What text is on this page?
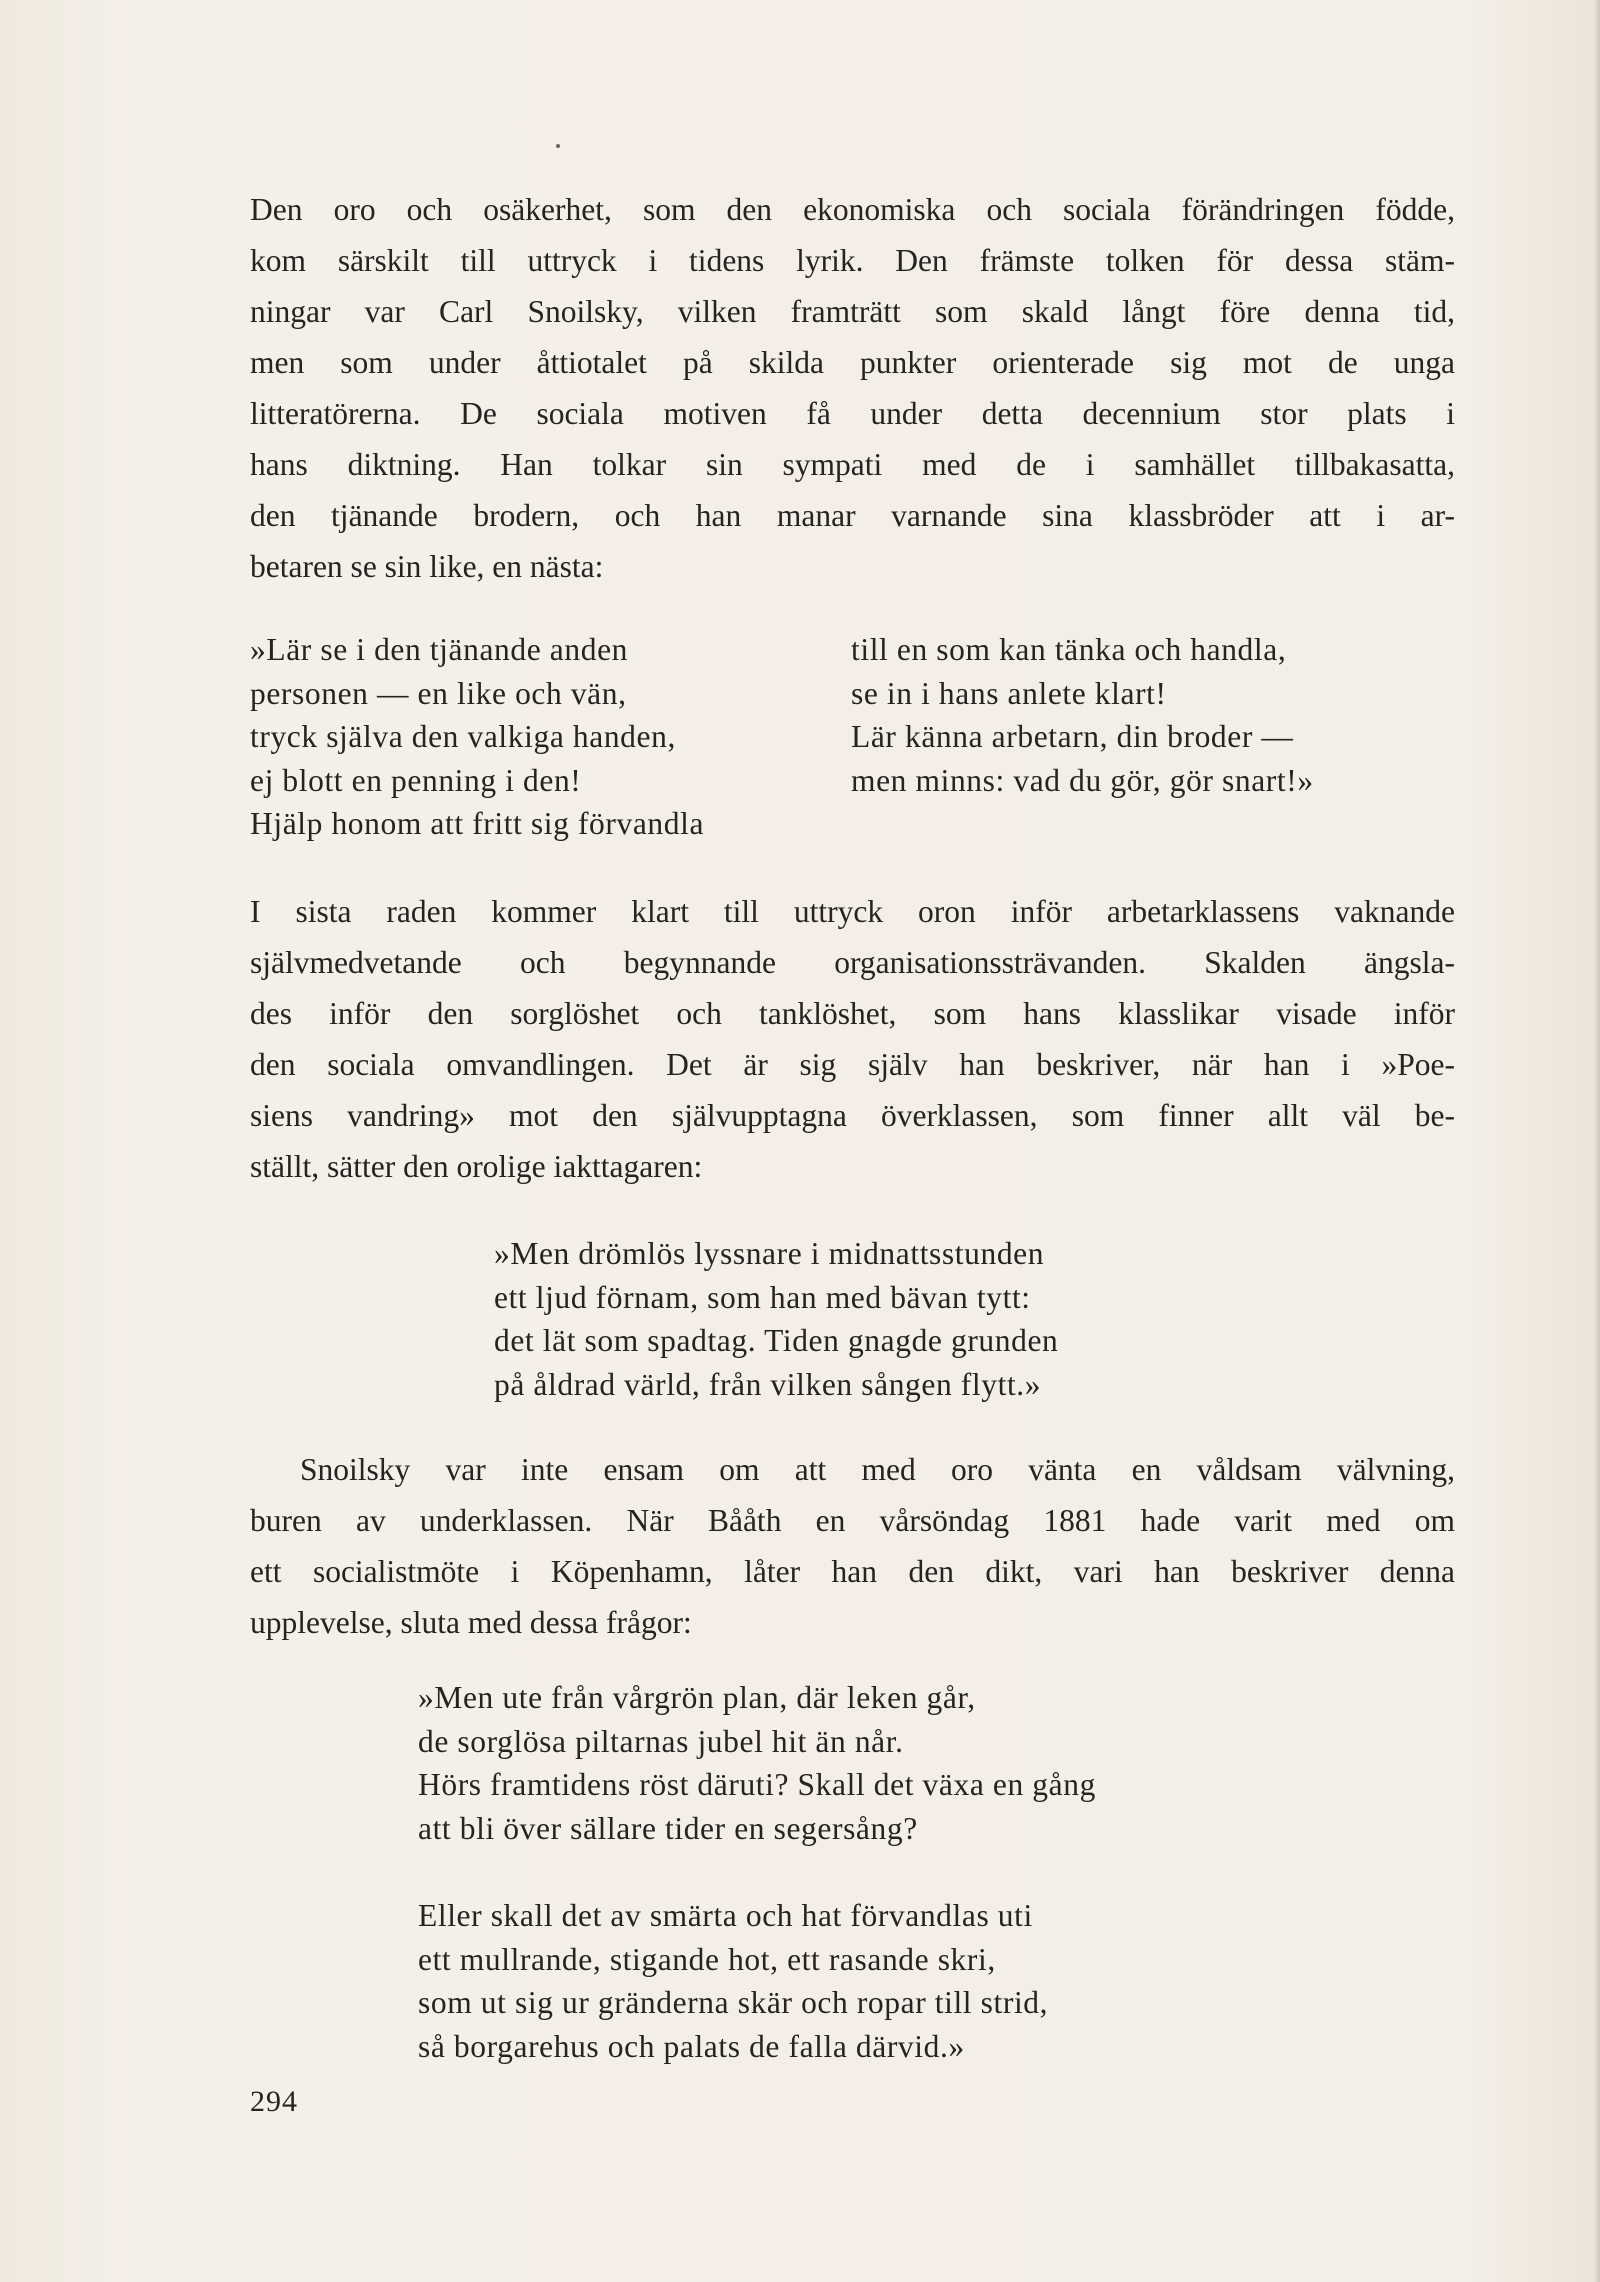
Den oro och osäkerhet, som den ekonomiska och sociala förändringen födde,
kom särskilt till uttryck i tidens lyrik. Den främste tolken för dessa stäm-
ningar var Carl Snoilsky, vilken framträtt som skald långt före denna tid,
men som under åttiotalet på skilda punkter orienterade sig mot de unga
litteratörerna. De sociala motiven få under detta decennium stor plats i
hans diktning. Han tolkar sin sympati med de i samhället tillbakasatta,
den tjänande brodern, och han manar varnande sina klassbröder att i ar-
betaren se sin like, en nästa:
»Lär se i den tjänande anden
personen — en like och vän,
tryck själva den valkiga handen,
ej blott en penning i den!
Hjälp honom att fritt sig förvandla
till en som kan tänka och handla,
se in i hans anlete klart!
Lär känna arbetarn, din broder —
men minns: vad du gör, gör snart!»
I sista raden kommer klart till uttryck oron inför arbetarklassens vaknande
självmedvetande och begynnande organisationssträvanden. Skalden ängsla-
des inför den sorglöshet och tanklöshet, som hans klasslikar visade inför
den sociala omvandlingen. Det är sig själv han beskriver, när han i »Poe-
siens vandring» mot den självupptagna överklassen, som finner allt väl be-
ställt, sätter den orolige iakttagaren:
»Men drömlös lyssnare i midnattsstunden
ett ljud förnam, som han med bävan tytt:
det lät som spadtag. Tiden gnagde grunden
på åldrad värld, från vilken sången flytt.»
Snoilsky var inte ensam om att med oro vänta en våldsam välvning,
buren av underklassen. När Bååth en vårsöndag 1881 hade varit med om
ett socialistmöte i Köpenhamn, låter han den dikt, vari han beskriver denna
upplevelse, sluta med dessa frågor:
»Men ute från vårgrön plan, där leken går,
de sorglösa piltarnas jubel hit än når.
Hörs framtidens röst däruti? Skall det växa en gång
att bli över sällare tider en segersång?
Eller skall det av smärta och hat förvandlas uti
ett mullrande, stigande hot, ett rasande skri,
som ut sig ur gränderna skär och ropar till strid,
så borgarehus och palats de falla därvid.»
294
